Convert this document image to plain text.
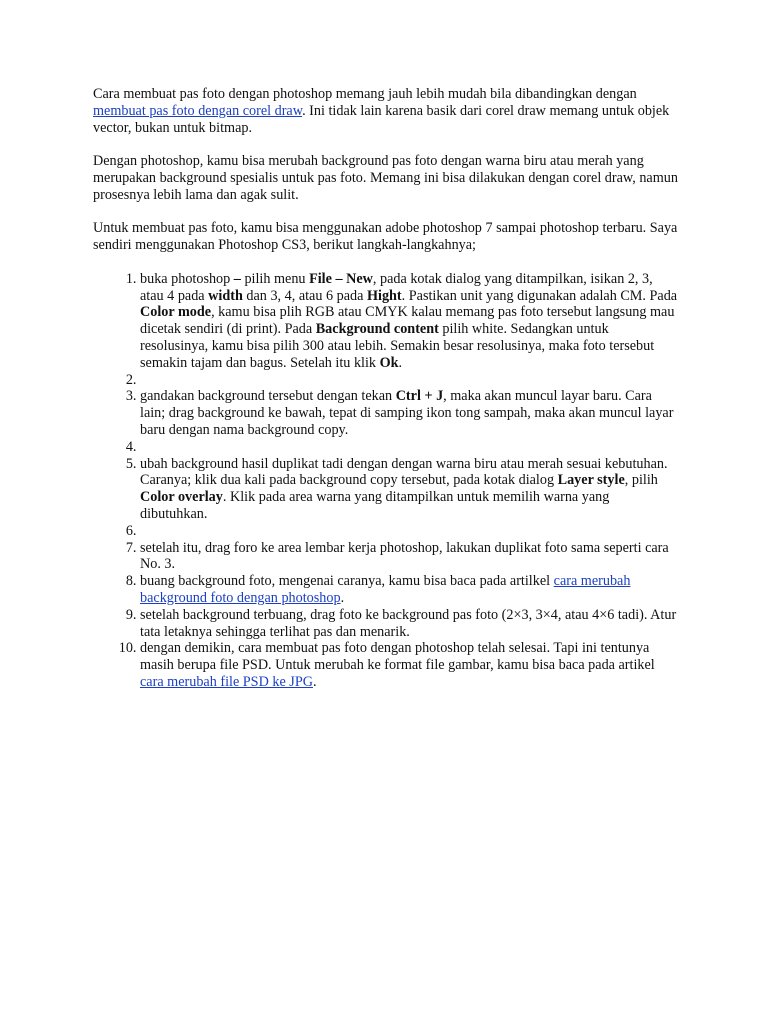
Cara membuat pas foto dengan photoshop memang jauh lebih mudah bila dibandingkan dengan membuat pas foto dengan corel draw. Ini tidak lain karena basik dari corel draw memang untuk objek vector, bukan untuk bitmap.

Dengan photoshop, kamu bisa merubah background pas foto dengan warna biru atau merah yang merupakan background spesialis untuk pas foto. Memang ini bisa dilakukan dengan corel draw, namun prosesnya lebih lama dan agak sulit.

Untuk membuat pas foto, kamu bisa menggunakan adobe photoshop 7 sampai photoshop terbaru. Saya sendiri menggunakan Photoshop CS3, berikut langkah-langkahnya;

1. buka photoshop – pilih menu File – New, pada kotak dialog yang ditampilkan, isikan 2, 3, atau 4 pada width dan 3, 4, atau 6 pada Hight. Pastikan unit yang digunakan adalah CM. Pada Color mode, kamu bisa plih RGB atau CMYK kalau memang pas foto tersebut langsung mau dicetak sendiri (di print). Pada Background content pilih white. Sedangkan untuk resolusinya, kamu bisa pilih 300 atau lebih. Semakin besar resolusinya, maka foto tersebut semakin tajam dan bagus. Setelah itu klik Ok.
2.
3. gandakan background tersebut dengan tekan Ctrl + J, maka akan muncul layar baru. Cara lain; drag background ke bawah, tepat di samping ikon tong sampah, maka akan muncul layar baru dengan nama background copy.
4.
5. ubah background hasil duplikat tadi dengan dengan warna biru atau merah sesuai kebutuhan. Caranya; klik dua kali pada background copy tersebut, pada kotak dialog Layer style, pilih Color overlay. Klik pada area warna yang ditampilkan untuk memilih warna yang dibutuhkan.
6.
7. setelah itu, drag foro ke area lembar kerja photoshop, lakukan duplikat foto sama seperti cara No. 3.
8. buang background foto, mengenai caranya, kamu bisa baca pada artilkel cara merubah background foto dengan photoshop.
9. setelah background terbuang, drag foto ke background pas foto (2×3, 3×4, atau 4×6 tadi). Atur tata letaknya sehingga terlihat pas dan menarik.
10. dengan demikin, cara membuat pas foto dengan photoshop telah selesai. Tapi ini tentunya masih berupa file PSD. Untuk merubah ke format file gambar, kamu bisa baca pada artikel cara merubah file PSD ke JPG.
